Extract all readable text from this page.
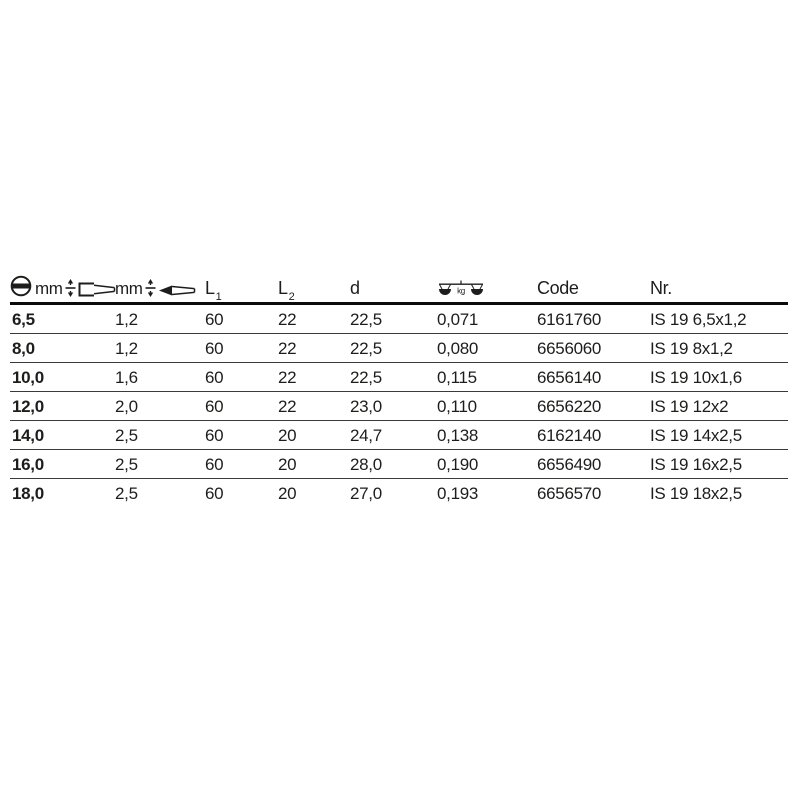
mm	mm	$L_1$	$L_2$	d	kg	Code	Nr.
6,5	1,2	60	22	22,5	0,071	6161760	IS 19 6,5x1,2
8,0	1,2	60	22	22,5	0,080	6656060	IS 19 8x1,2
10,0	1,6	60	22	22,5	0,115	6656140	IS 19 10x1,6
12,0	2,0	60	22	23,0	0,110	6656220	IS 19 12x2
14,0	2,5	60	20	24,7	0,138	6162140	IS 19 14x2,5
16,0	2,5	60	20	28,0	0,190	6656490	IS 19 16x2,5
18,0	2,5	60	20	27,0	0,193	6656570	IS 19 18x2,5
